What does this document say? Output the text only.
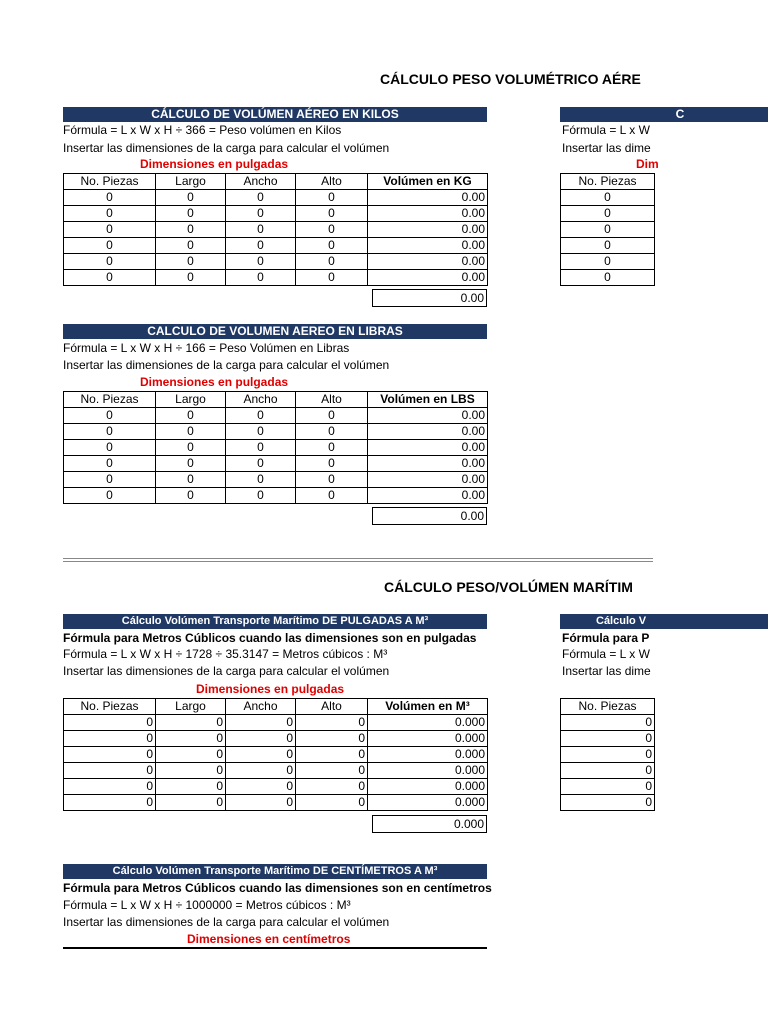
CÁLCULO PESO VOLUMÉTRICO AÉRE
CÁLCULO DE VOLÚMEN AÉREO EN KILOS
Fórmula = L x W x H ÷ 366 = Peso volúmen en Kilos
Insertar las dimensiones de la carga para calcular el volúmen
Dimensiones en pulgadas
No. Piezas	Largo	Ancho	Alto	Volúmen en KG
0	0	0	0	0.00
0	0	0	0	0.00
0	0	0	0	0.00
0	0	0	0	0.00
0	0	0	0	0.00
0	0	0	0	0.00
0.00
CALCULO DE VOLUMEN AEREO EN LIBRAS
Fórmula = L x W x H ÷ 166 = Peso Volúmen en Libras
Insertar las dimensiones de la carga para calcular el volúmen
Dimensiones en pulgadas
No. Piezas	Largo	Ancho	Alto	Volúmen en LBS
0	0	0	0	0.00
0	0	0	0	0.00
0	0	0	0	0.00
0	0	0	0	0.00
0	0	0	0	0.00
0	0	0	0	0.00
0.00
C
Fórmula = L x W
Insertar las dime
Dim
No. Piezas
0
0
0
0
0
0
CÁLCULO PESO/VOLÚMEN MARÍTIM
Cálculo Volúmen Transporte Marítimo DE PULGADAS A M³
Fórmula para Metros Cúblicos cuando las dimensiones son en pulgadas
Fórmula = L x W x H ÷ 1728 ÷ 35.3147 = Metros cúbicos : M³
Insertar las dimensiones de la carga para calcular el volúmen
Dimensiones en pulgadas
No. Piezas	Largo	Ancho	Alto	Volúmen en M³
0	0	0	0	0.000
0	0	0	0	0.000
0	0	0	0	0.000
0	0	0	0	0.000
0	0	0	0	0.000
0	0	0	0	0.000
0.000
Cálculo V
Fórmula para P
Fórmula = L x W
Insertar las dime
No. Piezas
0
0
0
0
0
0
Cálculo Volúmen Transporte Marítimo DE CENTÍMETROS A M³
Fórmula para Metros Cúblicos cuando las dimensiones son en centímetros
Fórmula = L x W x H ÷ 1000000 = Metros cúbicos : M³
Insertar las dimensiones de la carga para calcular el volúmen
Dimensiones en centímetros
